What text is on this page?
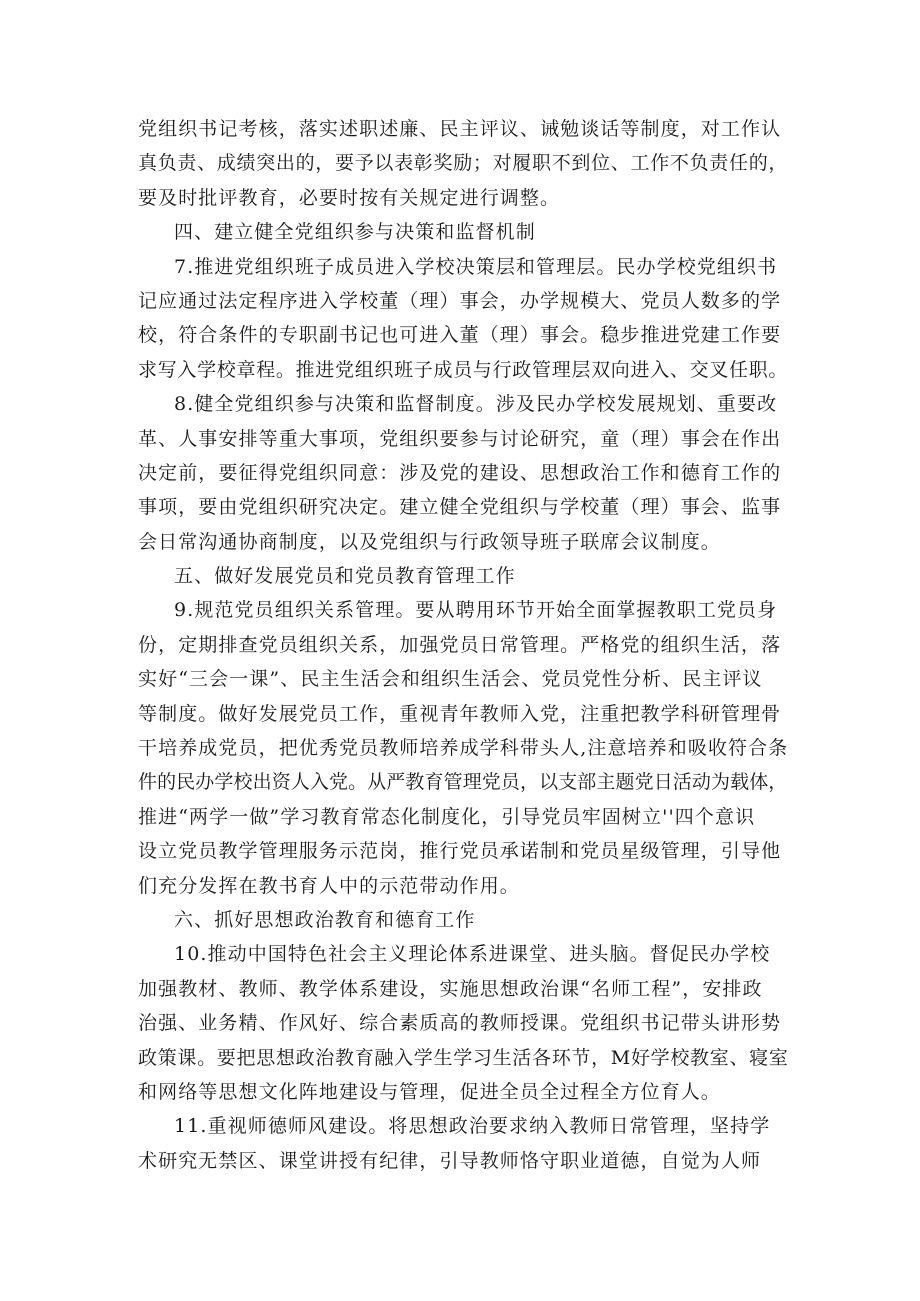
党组织书记考核，落实述职述廉、民主评议、诫勉谈话等制度，对工作认
真负责、成绩突出的，要予以表彰奖励；对履职不到位、工作不负责任的，
要及时批评教育，必要时按有关规定进行调整。
四、建立健全党组织参与决策和监督机制
7.推进党组织班子成员进入学校决策层和管理层。民办学校党组织书
记应通过法定程序进入学校董（理）事会，办学规模大、党员人数多的学
校，符合条件的专职副书记也可进入董（理）事会。稳步推进党建工作要
求写入学校章程。推进党组织班子成员与行政管理层双向进入、交叉任职。
8.健全党组织参与决策和监督制度。涉及民办学校发展规划、重要改
革、人事安排等重大事项，党组织要参与讨论研究，童（理）事会在作出
决定前，要征得党组织同意：涉及党的建设、思想政治工作和德育工作的
事项，要由党组织研究决定。建立健全党组织与学校董（理）事会、监事
会日常沟通协商制度，以及党组织与行政领导班子联席会议制度。
五、做好发展党员和党员教育管理工作
9.规范党员组织关系管理。要从聘用环节开始全面掌握教职工党员身
份，定期排查党员组织关系，加强党员日常管理。严格党的组织生活，落
实好“三会一课”、民主生活会和组织生活会、党员党性分析、民主评议
等制度。做好发展党员工作，重视青年教师入党，注重把教学科研管理骨
干培养成党员，把优秀党员教师培养成学科带头人,注意培养和吸收符合条
件的民办学校出资人入党。从严教育管理党员，以支部主题党日活动为载体，
推进“两学一做”学习教育常态化制度化，引导党员牢固树立''四个意识
设立党员教学管理服务示范岗，推行党员承诺制和党员星级管理，引导他
们充分发挥在教书育人中的示范带动作用。
六、抓好思想政治教育和德育工作
10.推动中国特色社会主义理论体系进课堂、进头脑。督促民办学校
加强教材、教师、教学体系建设，实施思想政治课“名师工程”，安排政
治强、业务精、作风好、综合素质高的教师授课。党组织书记带头讲形势
政策课。要把思想政治教育融入学生学习生活各环节，M好学校教室、寝室
和网络等思想文化阵地建设与管理，促进全员全过程全方位育人。
11.重视师德师风建设。将思想政治要求纳入教师日常管理，坚持学
术研究无禁区、课堂讲授有纪律，引导教师恪守职业道德，自觉为人师
